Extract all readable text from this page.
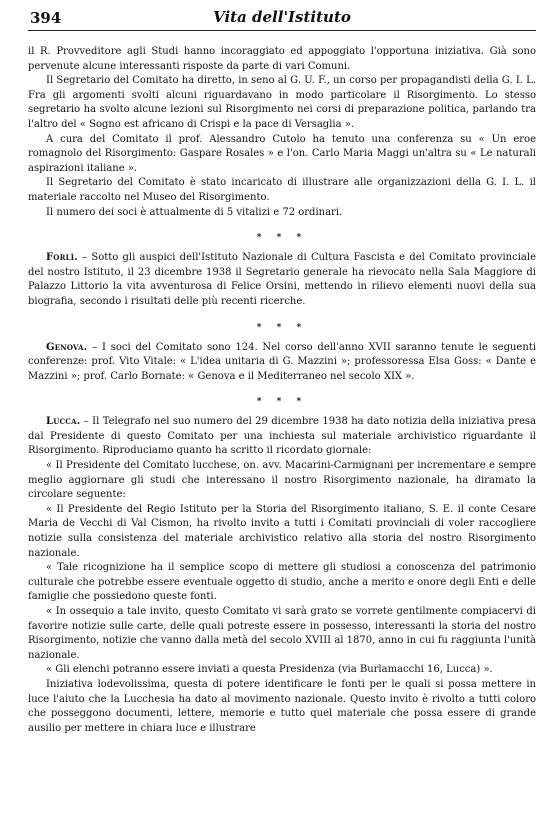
394	Vita dell'Istituto

il R. Provveditore agli Studi hanno incoraggiato ed appoggiato l'opportuna iniziativa. Già sono pervenute alcune interessanti risposte da parte di vari Comuni.

Il Segretario del Comitato ha diretto, in seno al G. U. F., un corso per propagandisti della G. I. L. Fra gli argomenti svolti alcuni riguardavano in modo particolare il Risorgimento. Lo stesso segretario ha svolto alcune lezioni sul Risorgimento nei corsi di preparazione politica, parlando tra l'altro del « Sogno est africano di Crispi e la pace di Versaglia ».

A cura del Comitato il prof. Alessandro Cutolo ha tenuto una conferenza su « Un eroe romagnolo del Risorgimento: Gaspare Rosales » e l'on. Carlo Maria Maggi un'altra su « Le naturali aspirazioni italiane ».

Il Segretario del Comitato è stato incaricato di illustrare alle organizzazioni della G. I. L. il materiale raccolto nel Museo del Risorgimento.

Il numero dei soci è attualmente di 5 vitalizi e 72 ordinari.

* * *

Forlì. – Sotto gli auspici dell'Istituto Nazionale di Cultura Fascista e del Comitato provinciale del nostro Istituto, il 23 dicembre 1938 il Segretario generale ha rievocato nella Sala Maggiore di Palazzo Littorio la vita avventurosa di Felice Orsini, mettendo in rilievo elementi nuovi della sua biografia, secondo i risultati delle più recenti ricerche.

* * *

Genova. – I soci del Comitato sono 124. Nel corso dell'anno XVII saranno tenute le seguenti conferenze: prof. Vito Vitale: « L'idea unitaria di G. Mazzini »; professoressa Elsa Goss: « Dante e Mazzini »; prof. Carlo Bornate: « Genova e il Mediterraneo nel secolo XIX ».

* * *

Lucca. – Il Telegrafo nel suo numero del 29 dicembre 1938 ha dato notizia della iniziativa presa dal Presidente di questo Comitato per una inchiesta sul materiale archivistico riguardante il Risorgimento. Riproduciamo quanto ha scritto il ricordato giornale:

« Il Presidente del Comitato lucchese, on. avv. Macarini-Carmignani per incrementare e sempre meglio aggiornare gli studi che interessano il nostro Risorgimento nazionale, ha diramato la circolare seguente:

« Il Presidente del Regio Istituto per la Storia del Risorgimento italiano, S. E. il conte Cesare Maria de Vecchi di Val Cismon, ha rivolto invito a tutti i Comitati provinciali di voler raccogliere notizie sulla consistenza del materiale archivistico relativo alla storia del nostro Risorgimento nazionale.

« Tale ricognizione ha il semplice scopo di mettere gli studiosi a conoscenza del patrimonio culturale che potrebbe essere eventuale oggetto di studio, anche a merito e onore degli Enti e delle famiglie che possiedono queste fonti.

« In ossequio a tale invito, questo Comitato vi sarà grato se vorrete gentilmente compiacervi di favorire notizie sulle carte, delle quali potreste essere in possesso, interessanti la storia del nostro Risorgimento, notizie che vanno dalla metà del secolo XVIII al 1870, anno in cui fu raggiunta l'unità nazionale.

« Gli elenchi potranno essere inviati a questa Presidenza (via Burlamacchi 16, Lucca) ».

Iniziativa lodevolissima, questa di potere identificare le fonti per le quali si possa mettere in luce l'aiuto che la Lucchesia ha dato al movimento nazionale. Questo invito è rivolto a tutti coloro che posseggono documenti, lettere, memorie e tutto quel materiale che possa essere di grande ausilio per mettere in chiara luce e illustrare
